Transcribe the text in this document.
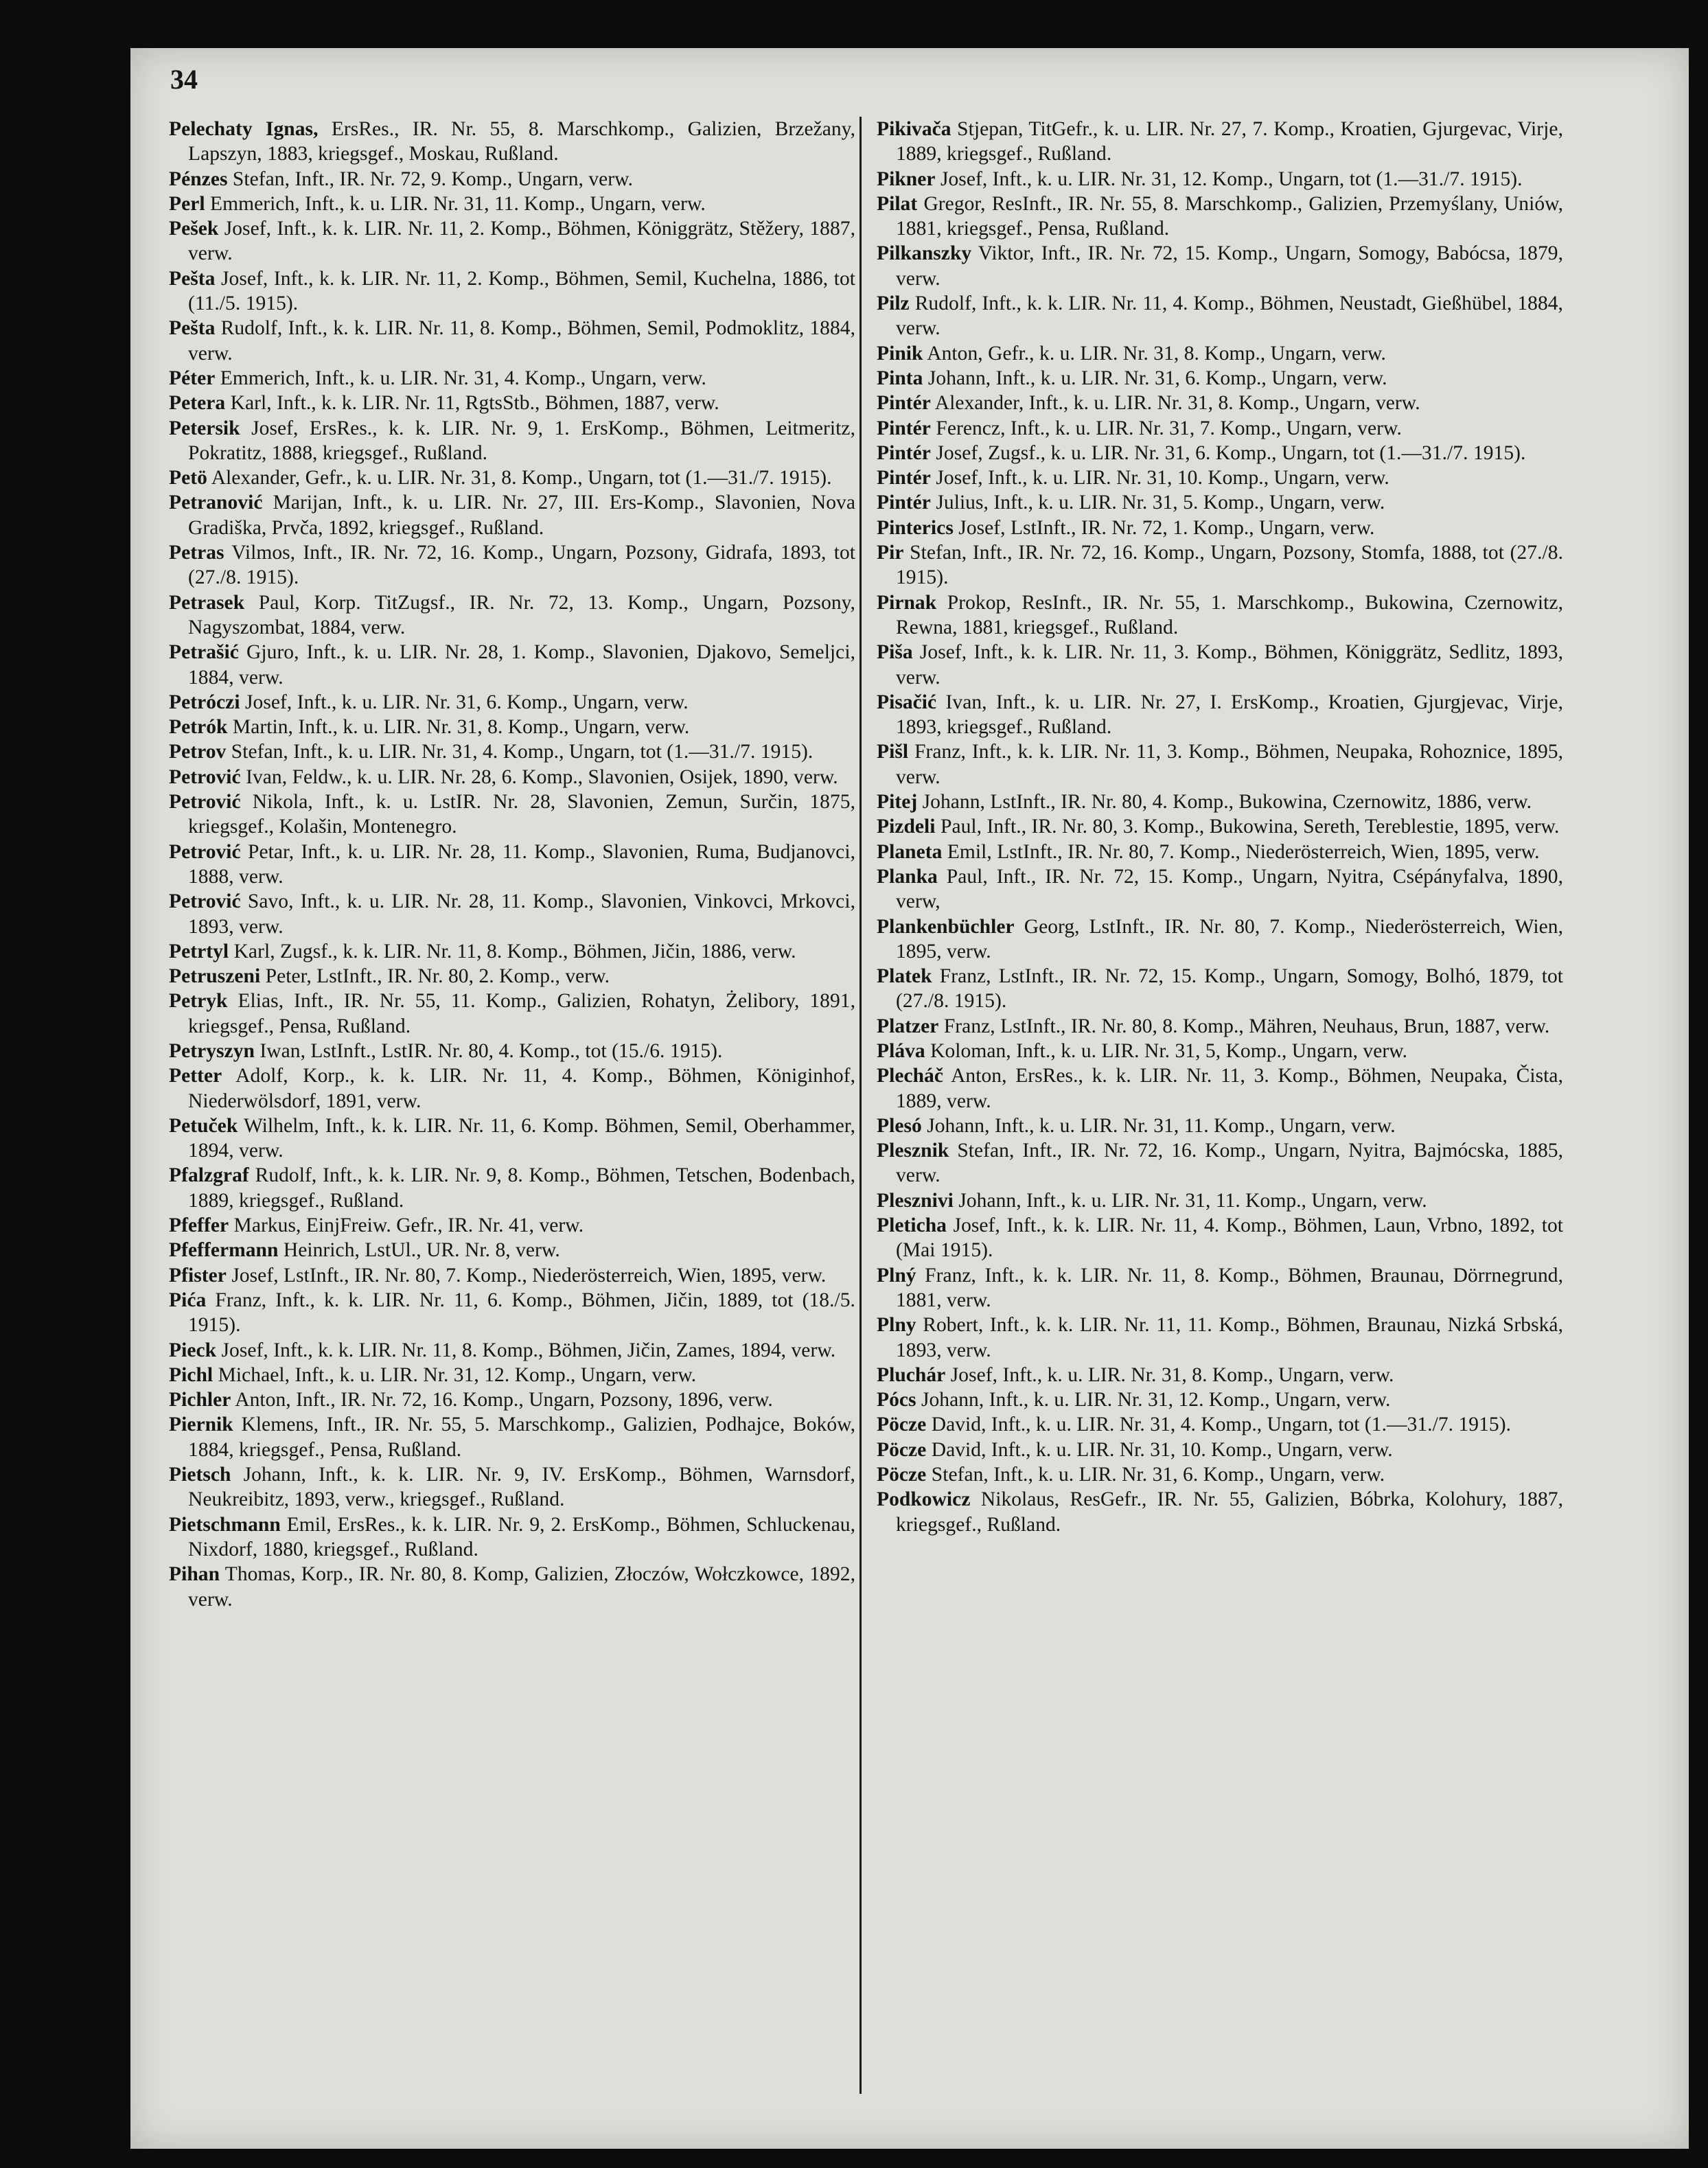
34

Pelechaty Ignas, ErsRes., IR. Nr. 55, 8. Marschkomp., Galizien, Brzežany, Lapszyn, 1883, kriegsgef., Moskau, Rußland.

Pénzes Stefan, Inft., IR. Nr. 72, 9. Komp., Ungarn, verw.

Perl Emmerich, Inft., k. u. LIR. Nr. 31, 11. Komp., Ungarn, verw.

Pešek Josef, Inft., k. k. LIR. Nr. 11, 2. Komp., Böhmen, Königgrätz, Stěžery, 1887, verw.

Pešta Josef, Inft., k. k. LIR. Nr. 11, 2. Komp., Böhmen, Semil, Kuchelna, 1886, tot (11./5. 1915).

Pešta Rudolf, Inft., k. k. LIR. Nr. 11, 8. Komp., Böhmen, Semil, Podmoklitz, 1884, verw.

Péter Emmerich, Inft., k. u. LIR. Nr. 31, 4. Komp., Ungarn, verw.

Petera Karl, Inft., k. k. LIR. Nr. 11, RgtsStb., Böhmen, 1887, verw.

Petersik Josef, ErsRes., k. k. LIR. Nr. 9, 1. ErsKomp., Böhmen, Leitmeritz, Pokratitz, 1888, kriegsgef., Rußland.

Petö Alexander, Gefr., k. u. LIR. Nr. 31, 8. Komp., Ungarn, tot (1.—31./7. 1915).

Petranović Marijan, Inft., k. u. LIR. Nr. 27, III. Ers-Komp., Slavonien, Nova Gradiška, Prvča, 1892, kriegsgef., Rußland.

Petras Vilmos, Inft., IR. Nr. 72, 16. Komp., Ungarn, Pozsony, Gidrafa, 1893, tot (27./8. 1915).

Petrasek Paul, Korp. TitZugsf., IR. Nr. 72, 13. Komp., Ungarn, Pozsony, Nagyszombat, 1884, verw.

Petrašić Gjuro, Inft., k. u. LIR. Nr. 28, 1. Komp., Slavonien, Djakovo, Semeljci, 1884, verw.

Petróczi Josef, Inft., k. u. LIR. Nr. 31, 6. Komp., Ungarn, verw.

Petrók Martin, Inft., k. u. LIR. Nr. 31, 8. Komp., Ungarn, verw.

Petrov Stefan, Inft., k. u. LIR. Nr. 31, 4. Komp., Ungarn, tot (1.—31./7. 1915).

Petrović Ivan, Feldw., k. u. LIR. Nr. 28, 6. Komp., Slavonien, Osijek, 1890, verw.

Petrović Nikola, Inft., k. u. LstIR. Nr. 28, Slavonien, Zemun, Surčin, 1875, kriegsgef., Kolašin, Montenegro.

Petrović Petar, Inft., k. u. LIR. Nr. 28, 11. Komp., Slavonien, Ruma, Budjanovci, 1888, verw.

Petrović Savo, Inft., k. u. LIR. Nr. 28, 11. Komp., Slavonien, Vinkovci, Mrkovci, 1893, verw.

Petrtyl Karl, Zugsf., k. k. LIR. Nr. 11, 8. Komp., Böhmen, Jičin, 1886, verw.

Petruszeni Peter, LstInft., IR. Nr. 80, 2. Komp., verw.

Petryk Elias, Inft., IR. Nr. 55, 11. Komp., Galizien, Rohatyn, Żelibory, 1891, kriegsgef., Pensa, Rußland.

Petryszyn Iwan, LstInft., LstIR. Nr. 80, 4. Komp., tot (15./6. 1915).

Petter Adolf, Korp., k. k. LIR. Nr. 11, 4. Komp., Böhmen, Königinhof, Niederwölsdorf, 1891, verw.

Petuček Wilhelm, Inft., k. k. LIR. Nr. 11, 6. Komp. Böhmen, Semil, Oberhammer, 1894, verw.

Pfalzgraf Rudolf, Inft., k. k. LIR. Nr. 9, 8. Komp., Böhmen, Tetschen, Bodenbach, 1889, kriegsgef., Rußland.

Pfeffer Markus, EinjFreiw. Gefr., IR. Nr. 41, verw.

Pfeffermann Heinrich, LstUl., UR. Nr. 8, verw.

Pfister Josef, LstInft., IR. Nr. 80, 7. Komp., Niederösterreich, Wien, 1895, verw.

Pića Franz, Inft., k. k. LIR. Nr. 11, 6. Komp., Böhmen, Jičin, 1889, tot (18./5. 1915).

Pieck Josef, Inft., k. k. LIR. Nr. 11, 8. Komp., Böhmen, Jičin, Zames, 1894, verw.

Pichl Michael, Inft., k. u. LIR. Nr. 31, 12. Komp., Ungarn, verw.

Pichler Anton, Inft., IR. Nr. 72, 16. Komp., Ungarn, Pozsony, 1896, verw.

Piernik Klemens, Inft., IR. Nr. 55, 5. Marschkomp., Galizien, Podhajce, Boków, 1884, kriegsgef., Pensa, Rußland.

Pietsch Johann, Inft., k. k. LIR. Nr. 9, IV. ErsKomp., Böhmen, Warnsdorf, Neukreibitz, 1893, verw., kriegsgef., Rußland.

Pietschmann Emil, ErsRes., k. k. LIR. Nr. 9, 2. ErsKomp., Böhmen, Schluckenau, Nixdorf, 1880, kriegsgef., Rußland.

Pihan Thomas, Korp., IR. Nr. 80, 8. Komp, Galizien, Złoczów, Wołczkowce, 1892, verw.

Pikivača Stjepan, TitGefr., k. u. LIR. Nr. 27, 7. Komp., Kroatien, Gjurgevac, Virje, 1889, kriegsgef., Rußland.

Pikner Josef, Inft., k. u. LIR. Nr. 31, 12. Komp., Ungarn, tot (1.—31./7. 1915).

Pilat Gregor, ResInft., IR. Nr. 55, 8. Marschkomp., Galizien, Przemyślany, Uniów, 1881, kriegsgef., Pensa, Rußland.

Pilkanszky Viktor, Inft., IR. Nr. 72, 15. Komp., Ungarn, Somogy, Babócsa, 1879, verw.

Pilz Rudolf, Inft., k. k. LIR. Nr. 11, 4. Komp., Böhmen, Neustadt, Gießhübel, 1884, verw.

Pinik Anton, Gefr., k. u. LIR. Nr. 31, 8. Komp., Ungarn, verw.

Pinta Johann, Inft., k. u. LIR. Nr. 31, 6. Komp., Ungarn, verw.

Pintér Alexander, Inft., k. u. LIR. Nr. 31, 8. Komp., Ungarn, verw.

Pintér Ferencz, Inft., k. u. LIR. Nr. 31, 7. Komp., Ungarn, verw.

Pintér Josef, Zugsf., k. u. LIR. Nr. 31, 6. Komp., Ungarn, tot (1.—31./7. 1915).

Pintér Josef, Inft., k. u. LIR. Nr. 31, 10. Komp., Ungarn, verw.

Pintér Julius, Inft., k. u. LIR. Nr. 31, 5. Komp., Ungarn, verw.

Pinterics Josef, LstInft., IR. Nr. 72, 1. Komp., Ungarn, verw.

Pir Stefan, Inft., IR. Nr. 72, 16. Komp., Ungarn, Pozsony, Stomfa, 1888, tot (27./8. 1915).

Pirnak Prokop, ResInft., IR. Nr. 55, 1. Marschkomp., Bukowina, Czernowitz, Rewna, 1881, kriegsgef., Rußland.

Piša Josef, Inft., k. k. LIR. Nr. 11, 3. Komp., Böhmen, Königgrätz, Sedlitz, 1893, verw.

Pisačić Ivan, Inft., k. u. LIR. Nr. 27, I. ErsKomp., Kroatien, Gjurgjevac, Virje, 1893, kriegsgef., Rußland.

Pišl Franz, Inft., k. k. LIR. Nr. 11, 3. Komp., Böhmen, Neupaka, Rohoznice, 1895, verw.

Pitej Johann, LstInft., IR. Nr. 80, 4. Komp., Bukowina, Czernowitz, 1886, verw.

Pizdeli Paul, Inft., IR. Nr. 80, 3. Komp., Bukowina, Sereth, Tereblestie, 1895, verw.

Planeta Emil, LstInft., IR. Nr. 80, 7. Komp., Niederösterreich, Wien, 1895, verw.

Planka Paul, Inft., IR. Nr. 72, 15. Komp., Ungarn, Nyitra, Csépányfalva, 1890, verw,

Plankenbüchler Georg, LstInft., IR. Nr. 80, 7. Komp., Niederösterreich, Wien, 1895, verw.

Platek Franz, LstInft., IR. Nr. 72, 15. Komp., Ungarn, Somogy, Bolhó, 1879, tot (27./8. 1915).

Platzer Franz, LstInft., IR. Nr. 80, 8. Komp., Mähren, Neuhaus, Brun, 1887, verw.

Pláva Koloman, Inft., k. u. LIR. Nr. 31, 5, Komp., Ungarn, verw.

Plecháč Anton, ErsRes., k. k. LIR. Nr. 11, 3. Komp., Böhmen, Neupaka, Čista, 1889, verw.

Plesó Johann, Inft., k. u. LIR. Nr. 31, 11. Komp., Ungarn, verw.

Plesznik Stefan, Inft., IR. Nr. 72, 16. Komp., Ungarn, Nyitra, Bajmócska, 1885, verw.

Plesznivi Johann, Inft., k. u. LIR. Nr. 31, 11. Komp., Ungarn, verw.

Pleticha Josef, Inft., k. k. LIR. Nr. 11, 4. Komp., Böhmen, Laun, Vrbno, 1892, tot (Mai 1915).

Plný Franz, Inft., k. k. LIR. Nr. 11, 8. Komp., Böhmen, Braunau, Dörrnegrund, 1881, verw.

Plny Robert, Inft., k. k. LIR. Nr. 11, 11. Komp., Böhmen, Braunau, Nizká Srbská, 1893, verw.

Pluchár Josef, Inft., k. u. LIR. Nr. 31, 8. Komp., Ungarn, verw.

Pócs Johann, Inft., k. u. LIR. Nr. 31, 12. Komp., Ungarn, verw.

Pöcze David, Inft., k. u. LIR. Nr. 31, 4. Komp., Ungarn, tot (1.—31./7. 1915).

Pöcze David, Inft., k. u. LIR. Nr. 31, 10. Komp., Ungarn, verw.

Pöcze Stefan, Inft., k. u. LIR. Nr. 31, 6. Komp., Ungarn, verw.

Podkowicz Nikolaus, ResGefr., IR. Nr. 55, Galizien, Bóbrka, Kolohury, 1887, kriegsgef., Rußland.
